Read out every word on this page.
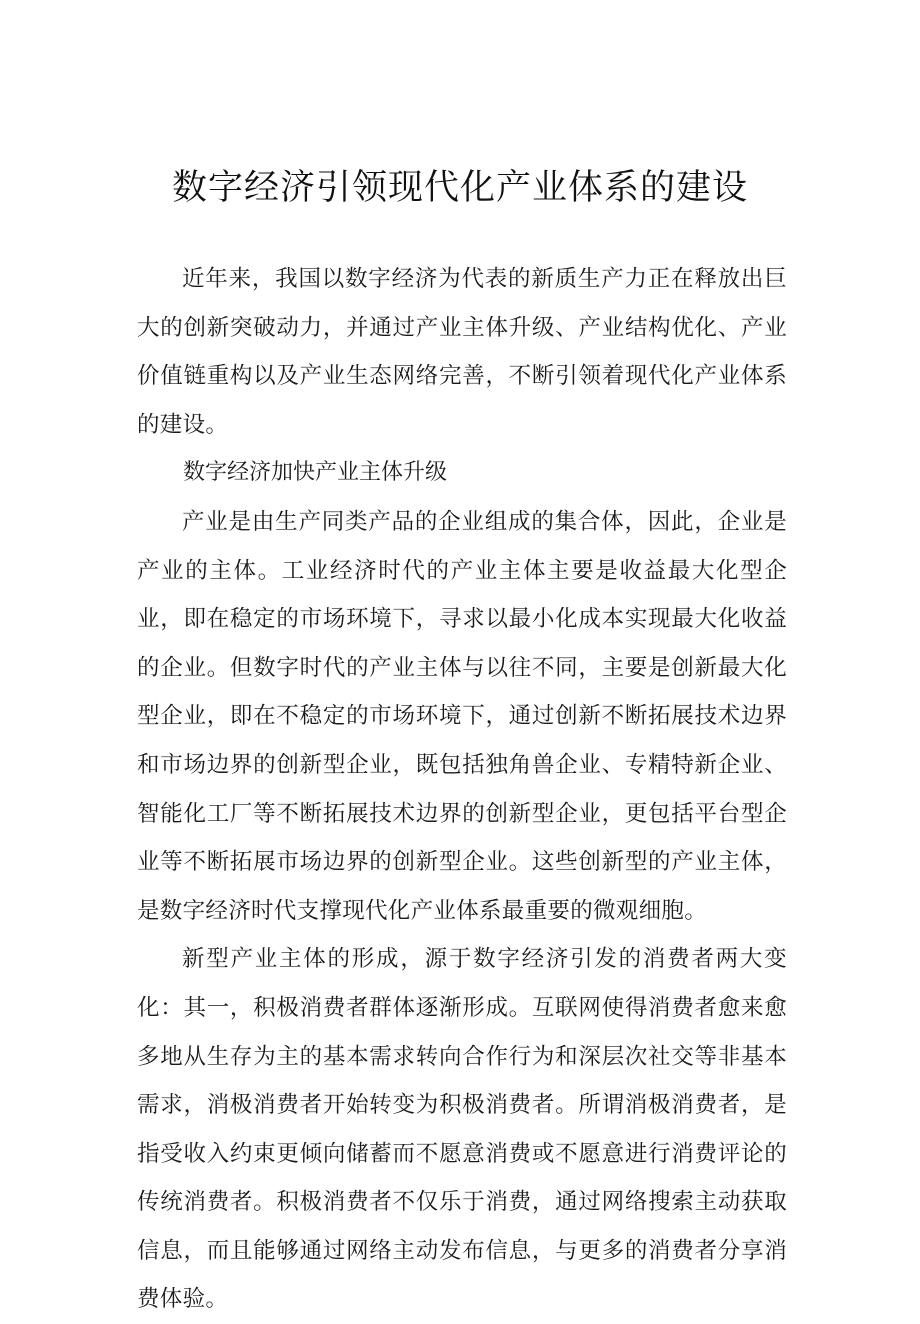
数字经济引领现代化产业体系的建设

近年来，我国以数字经济为代表的新质生产力正在释放出巨大的创新突破动力，并通过产业主体升级、产业结构优化、产业价值链重构以及产业生态网络完善，不断引领着现代化产业体系的建设。

数字经济加快产业主体升级

产业是由生产同类产品的企业组成的集合体，因此，企业是产业的主体。工业经济时代的产业主体主要是收益最大化型企业，即在稳定的市场环境下，寻求以最小化成本实现最大化收益的企业。但数字时代的产业主体与以往不同，主要是创新最大化型企业，即在不稳定的市场环境下，通过创新不断拓展技术边界和市场边界的创新型企业，既包括独角兽企业、专精特新企业、智能化工厂等不断拓展技术边界的创新型企业，更包括平台型企业等不断拓展市场边界的创新型企业。这些创新型的产业主体，是数字经济时代支撑现代化产业体系最重要的微观细胞。

新型产业主体的形成，源于数字经济引发的消费者两大变化：其一，积极消费者群体逐渐形成。互联网使得消费者愈来愈多地从生存为主的基本需求转向合作行为和深层次社交等非基本需求，消极消费者开始转变为积极消费者。所谓消极消费者，是指受收入约束更倾向储蓄而不愿意消费或不愿意进行消费评论的传统消费者。积极消费者不仅乐于消费，通过网络搜索主动获取信息，而且能够通过网络主动发布信息，与更多的消费者分享消费体验。
